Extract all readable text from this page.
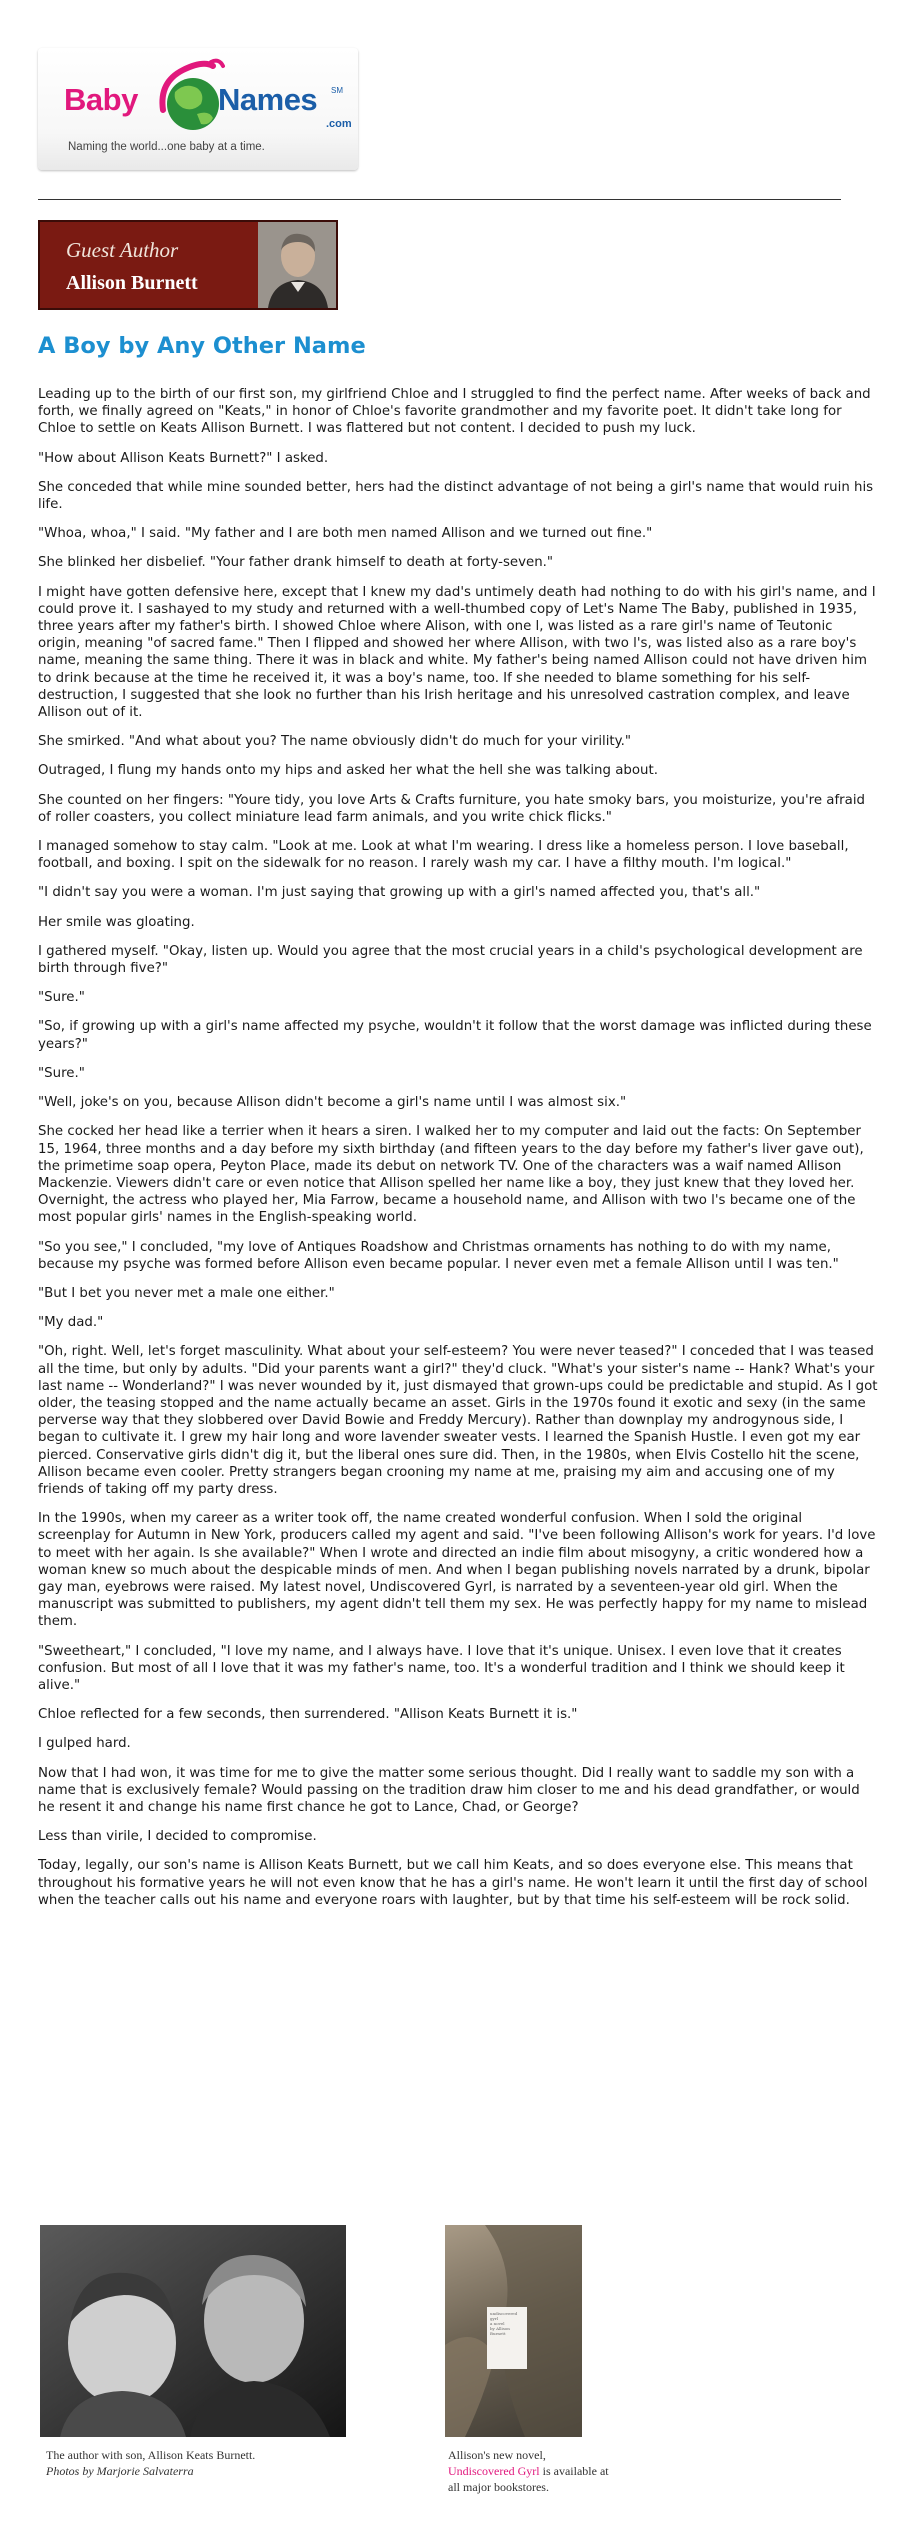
Baby	Names SM
.com
Naming the world...one baby at a time.
Guest Author
Allison Burnett
A Boy by Any Other Name

Leading up to the birth of our first son, my girlfriend Chloe and I struggled to find the perfect name. After weeks of back and forth, we finally agreed on "Keats," in honor of Chloe's favorite grandmother and my favorite poet. It didn't take long for Chloe to settle on Keats Allison Burnett. I was flattered but not content. I decided to push my luck.

"How about Allison Keats Burnett?" I asked.

She conceded that while mine sounded better, hers had the distinct advantage of not being a girl's name that would ruin his life.

"Whoa, whoa," I said. "My father and I are both men named Allison and we turned out fine."

She blinked her disbelief. "Your father drank himself to death at forty-seven."

I might have gotten defensive here, except that I knew my dad's untimely death had nothing to do with his girl's name, and I could prove it. I sashayed to my study and returned with a well-thumbed copy of Let's Name The Baby, published in 1935, three years after my father's birth. I showed Chloe where Alison, with one l, was listed as a rare girl's name of Teutonic origin, meaning "of sacred fame." Then I flipped and showed her where Allison, with two l's, was listed also as a rare boy's name, meaning the same thing. There it was in black and white. My father's being named Allison could not have driven him to drink because at the time he received it, it was a boy's name, too. If she needed to blame something for his self-destruction, I suggested that she look no further than his Irish heritage and his unresolved castration complex, and leave Allison out of it.

She smirked. "And what about you? The name obviously didn't do much for your virility."

Outraged, I flung my hands onto my hips and asked her what the hell she was talking about.

She counted on her fingers: "Youre tidy, you love Arts & Crafts furniture, you hate smoky bars, you moisturize, you're afraid of roller coasters, you collect miniature lead farm animals, and you write chick flicks."

I managed somehow to stay calm. "Look at me. Look at what I'm wearing. I dress like a homeless person. I love baseball, football, and boxing. I spit on the sidewalk for no reason. I rarely wash my car. I have a filthy mouth. I'm logical."

"I didn't say you were a woman. I'm just saying that growing up with a girl's named affected you, that's all."

Her smile was gloating.

I gathered myself. "Okay, listen up. Would you agree that the most crucial years in a child's psychological development are birth through five?"

"Sure."

"So, if growing up with a girl's name affected my psyche, wouldn't it follow that the worst damage was inflicted during these years?"

"Sure."

"Well, joke's on you, because Allison didn't become a girl's name until I was almost six."

She cocked her head like a terrier when it hears a siren. I walked her to my computer and laid out the facts: On September 15, 1964, three months and a day before my sixth birthday (and fifteen years to the day before my father's liver gave out), the primetime soap opera, Peyton Place, made its debut on network TV. One of the characters was a waif named Allison Mackenzie. Viewers didn't care or even notice that Allison spelled her name like a boy, they just knew that they loved her. Overnight, the actress who played her, Mia Farrow, became a household name, and Allison with two l's became one of the most popular girls' names in the English-speaking world.

"So you see," I concluded, "my love of Antiques Roadshow and Christmas ornaments has nothing to do with my name, because my psyche was formed before Allison even became popular. I never even met a female Allison until I was ten."

"But I bet you never met a male one either."

"My dad."

"Oh, right. Well, let's forget masculinity. What about your self-esteem? You were never teased?" I conceded that I was teased all the time, but only by adults. "Did your parents want a girl?" they'd cluck. "What's your sister's name -- Hank? What's your last name -- Wonderland?" I was never wounded by it, just dismayed that grown-ups could be predictable and stupid. As I got older, the teasing stopped and the name actually became an asset. Girls in the 1970s found it exotic and sexy (in the same perverse way that they slobbered over David Bowie and Freddy Mercury). Rather than downplay my androgynous side, I began to cultivate it. I grew my hair long and wore lavender sweater vests. I learned the Spanish Hustle. I even got my ear pierced. Conservative girls didn't dig it, but the liberal ones sure did. Then, in the 1980s, when Elvis Costello hit the scene, Allison became even cooler. Pretty strangers began crooning my name at me, praising my aim and accusing one of my friends of taking off my party dress.

In the 1990s, when my career as a writer took off, the name created wonderful confusion. When I sold the original screenplay for Autumn in New York, producers called my agent and said. "I've been following Allison's work for years. I'd love to meet with her again. Is she available?" When I wrote and directed an indie film about misogyny, a critic wondered how a woman knew so much about the despicable minds of men. And when I began publishing novels narrated by a drunk, bipolar gay man, eyebrows were raised. My latest novel, Undiscovered Gyrl, is narrated by a seventeen-year old girl. When the manuscript was submitted to publishers, my agent didn't tell them my sex. He was perfectly happy for my name to mislead them.

"Sweetheart," I concluded, "I love my name, and I always have. I love that it's unique. Unisex. I even love that it creates confusion. But most of all I love that it was my father's name, too. It's a wonderful tradition and I think we should keep it alive."

Chloe reflected for a few seconds, then surrendered. "Allison Keats Burnett it is."

I gulped hard.

Now that I had won, it was time for me to give the matter some serious thought. Did I really want to saddle my son with a name that is exclusively female? Would passing on the tradition draw him closer to me and his dead grandfather, or would he resent it and change his name first chance he got to Lance, Chad, or George?

Less than virile, I decided to compromise.

Today, legally, our son's name is Allison Keats Burnett, but we call him Keats, and so does everyone else. This means that throughout his formative years he will not even know that he has a girl's name. He won't learn it until the first day of school when the teacher calls out his name and everyone roars with laughter, but by that time his self-esteem will be rock solid.

The author with son, Allison Keats Burnett.
Photos by Marjorie Salvaterra
undiscovered
gyrl
a novel
by Allison
Burnett
Allison's new novel,
Undiscovered Gyrl is available at
all major bookstores.
